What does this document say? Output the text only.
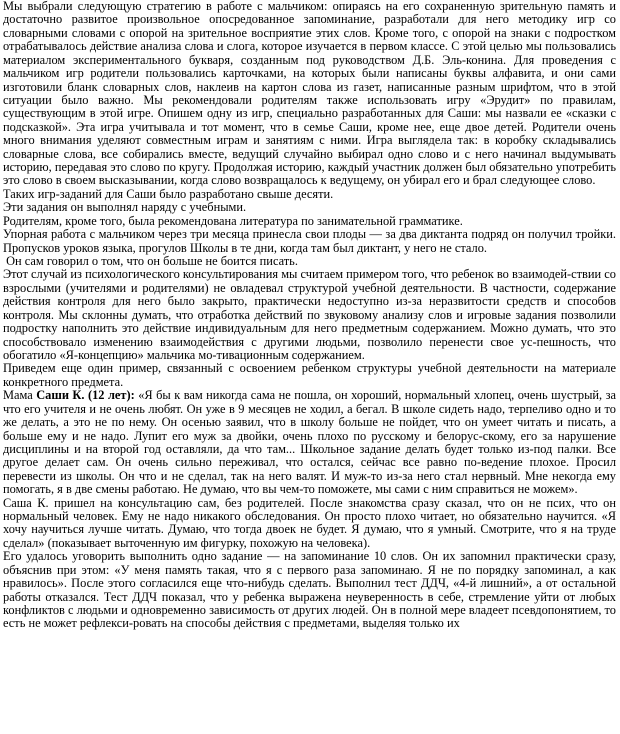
Мы выбрали следующую стратегию в работе с мальчиком: опираясь на его сохраненную зрительную память и достаточно развитое произвольное опосредованное запоминание, разработали для него методику игр со словарными словами с опорой на зрительное восприятие этих слов. Кроме того, с опорой на знаки с подростком отрабатывалось действие анализа слова и слога, которое изучается в первом классе. С этой целью мы пользовались материалом экспериментального букваря, созданным под руководством Д.Б. Эль-конина. Для проведения с мальчиком игр родители пользовались карточками, на которых были написаны буквы алфавита, и они сами изготовили бланк словарных слов, наклеив на картон слова из газет, написанные разным шрифтом, что в этой ситуации было важно. Мы рекомендовали родителям также использовать игру «Эрудит» по правилам, существующим в этой игре. Опишем одну из игр, специально разработанных для Саши: мы назвали ее «сказки с подсказкой». Эта игра учитывала и тот момент, что в семье Саши, кроме нее, еще двое детей. Родители очень много внимания уделяют совместным играм и занятиям с ними. Игра выглядела так: в коробку складывались словарные слова, все собирались вместе, ведущий случайно выбирал одно слово и с него начинал выдумывать историю, передавая это слово по кругу. Продолжая историю, каждый участник должен был обязательно употребить это слово в своем высказывании, когда слово возвращалось к ведущему, он убирал его и брал следующее слово.

Таких игр-заданий для Саши было разработано свыше десяти.

Эти задания он выполнял наряду с учебными.

Родителям, кроме того, была рекомендована литература по занимательной грамматике.

Упорная работа с мальчиком через три месяца принесла свои плоды — за два диктанта подряд он получил тройки. Пропусков уроков языка, прогулов Школы в те дни, когда там был диктант, у него не стало.

Он сам говорил о том, что он больше не боится писать.

Этот случай из психологического консультирования мы считаем примером того, что ребенок во взаимодей-ствии со взрослыми (учителями и родителями) не овладевал структурой учебной деятельности. В частности, содержание действия контроля для него было закрыто, практически недоступно из-за неразвитости средств и способов контроля. Мы склонны думать, что отработка действий по звуковому анализу слов и игровые задания позволили подростку наполнить это действие индивидуальным для него предметным содержанием. Можно думать, что это способствовало изменению взаимодействия с другими людьми, позволило перенести свое ус-пешность, что обогатило «Я-концепцию» мальчика мо-тивационным содержанием.

Приведем еще один пример, связанный с освоением ребенком структуры учебной деятельности на материале конкретного предмета.

Мама Саши К. (12 лет): «Я бы к вам никогда сама не пошла, он хороший, нормальный хлопец, очень шустрый, за что его учителя и не очень любят. Он уже в 9 месяцев не ходил, а бегал. В школе сидеть надо, терпеливо одно и то же делать, а это не по нему. Он осенью заявил, что в школу больше не пойдет, что он умеет читать и писать, а больше ему и не надо. Лупит его муж за двойки, очень плохо по русскому и белорус-скому, его за нарушение дисциплины и на второй год оставляли, да что там... Школьное задание делать будет только из-под палки. Все другое делает сам. Он очень сильно переживал, что остался, сейчас все равно по-ведение плохое. Просил перевести из школы. Он что и не сделал, так на него валят. И муж-то из-за него стал нервный. Мне некогда ему помогать, я в две смены работаю. Не думаю, что вы чем-то поможете, мы сами с ним справиться не можем».

Саша К. пришел на консультацию сам, без родителей. После знакомства сразу сказал, что он не псих, что он нормальный человек. Ему не надо никакого обследования. Он просто плохо читает, но обязательно научится. «Я хочу научиться лучше читать. Думаю, что тогда двоек не будет. Я думаю, что я умный. Смотрите, что я на труде сделал» (показывает выточенную им фигурку, похожую на человека).

Его удалось уговорить выполнить одно задание — на запоминание 10 слов. Он их запомнил практически сразу, объяснив при этом: «У меня память такая, что я с первого раза запоминаю. Я не по порядку запоминал, а как нравилось». После этого согласился еще что-нибудь сделать. Выполнил тест ДДЧ, «4-й лишний», а от остальной работы отказался. Тест ДДЧ показал, что у ребенка выражена неуверенность в себе, стремление уйти от любых конфликтов с людьми и одновременно зависимость от других людей. Он в полной мере владеет псевдопонятием, то есть не может рефлекси-ровать на способы действия с предметами, выделяя только их
